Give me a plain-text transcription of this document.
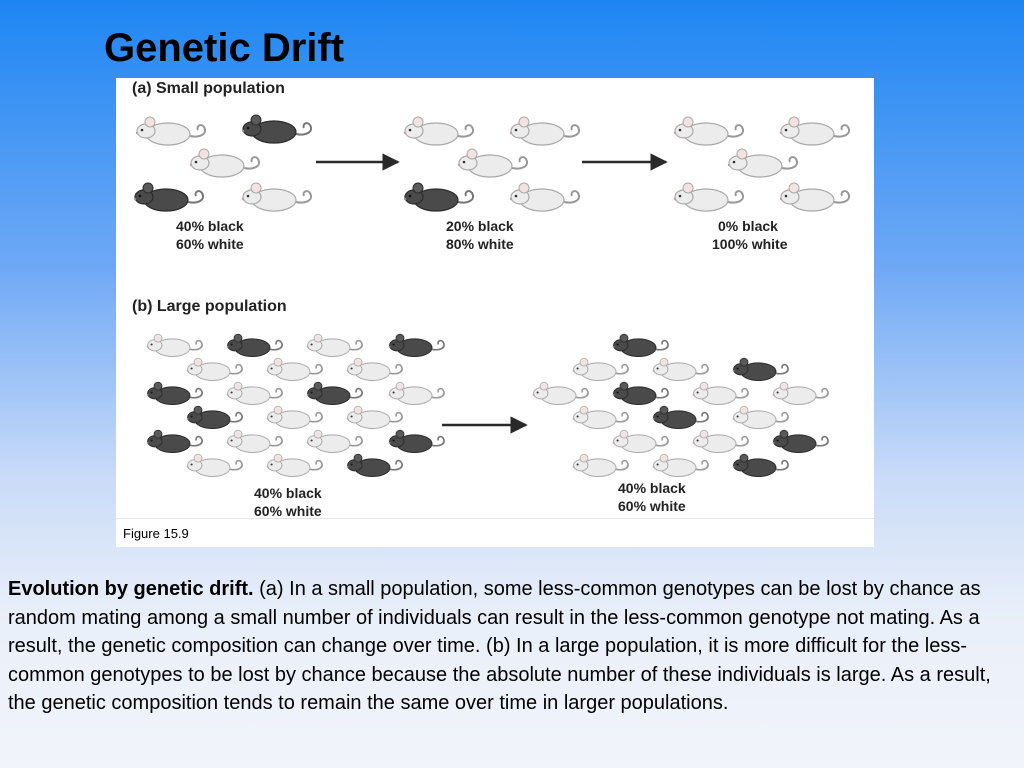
Genetic Drift
(a) Small population
40% black
60% white
20% black
80% white
0% black
100% white
(b) Large population
40% black
60% white
40% black
60% white
Figure 15.9

Evolution by genetic drift. (a) In a small population, some less-common genotypes can be lost by chance as random mating among a small number of individuals can result in the less-common genotype not mating. As a result, the genetic composition can change over time. (b) In a large population, it is more difficult for the less-common genotypes to be lost by chance because the absolute number of these individuals is large. As a result, the genetic composition tends to remain the same over time in larger populations.
